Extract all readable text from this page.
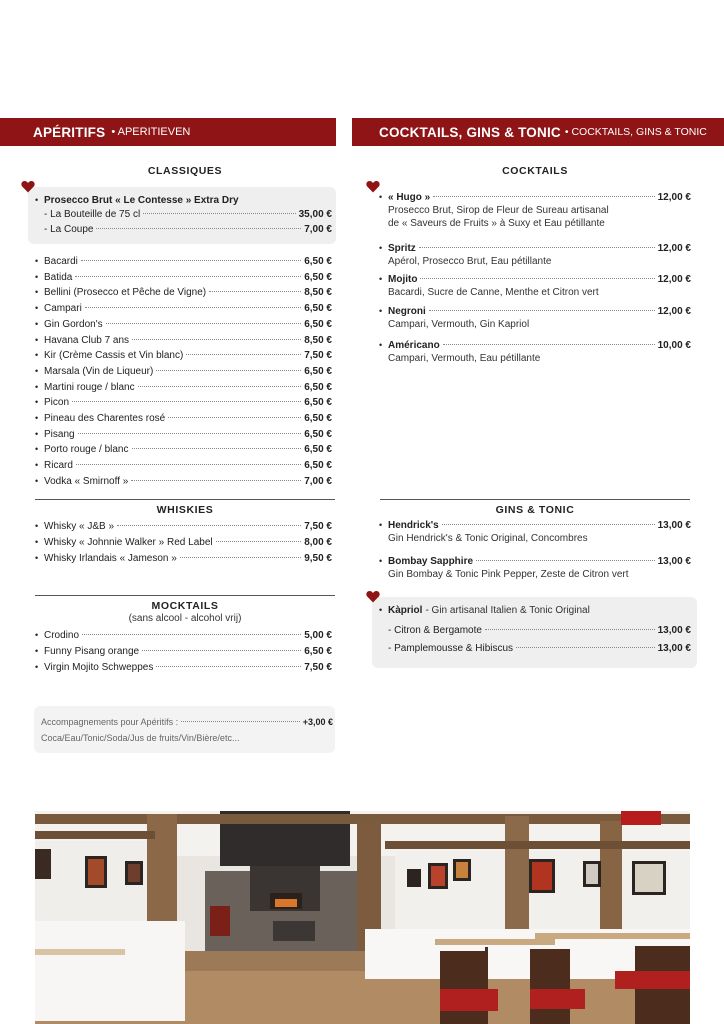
APÉRITIFS • APERITIEVEN	COCKTAILS, GINS & TONIC • COCKTAILS, GINS & TONIC
CLASSIQUES
• Prosecco Brut « Le Contesse » Extra Dry
- La Bouteille de 75 cl	35,00 €
- La Coupe	7,00 €
• Bacardi	6,50 €
• Batida	6,50 €
• Bellini (Prosecco et Pêche de Vigne)	8,50 €
• Campari	6,50 €
• Gin Gordon's	6,50 €
• Havana Club 7 ans	8,50 €
• Kir (Crème Cassis et Vin blanc)	7,50 €
• Marsala (Vin de Liqueur)	6,50 €
• Martini rouge / blanc	6,50 €
• Picon	6,50 €
• Pineau des Charentes rosé	6,50 €
• Pisang	6,50 €
• Porto rouge / blanc	6,50 €
• Ricard	6,50 €
• Vodka « Smirnoff »	7,00 €
WHISKIES
• Whisky « J&B »	7,50 €
• Whisky « Johnnie Walker » Red Label	8,00 €
• Whisky Irlandais « Jameson »	9,50 €
MOCKTAILS
(sans alcool - alcohol vrij)
• Crodino	5,00 €
• Funny Pisang orange	6,50 €
• Virgin Mojito Schweppes	7,50 €
Accompagnements pour Apéritifs :	+3,00 €
Coca/Eau/Tonic/Soda/Jus de fruits/Vin/Bière/etc...
COCKTAILS
• « Hugo »	12,00 €
Prosecco Brut, Sirop de Fleur de Sureau artisanal
de « Saveurs de Fruits » à Suxy et Eau pétillante
• Spritz	12,00 €
Apérol, Prosecco Brut, Eau pétillante
• Mojito	12,00 €
Bacardi, Sucre de Canne, Menthe et Citron vert
• Negroni	12,00 €
Campari, Vermouth, Gin Kapriol
• Américano	10,00 €
Campari, Vermouth, Eau pétillante
GINS & TONIC
• Hendrick's	13,00 €
Gin Hendrick's & Tonic Original, Concombres
• Bombay Sapphire	13,00 €
Gin Bombay & Tonic Pink Pepper, Zeste de Citron vert
• Kàpriol - Gin artisanal Italien & Tonic Original
- Citron & Bergamote	13,00 €
- Pamplemousse & Hibiscus	13,00 €
